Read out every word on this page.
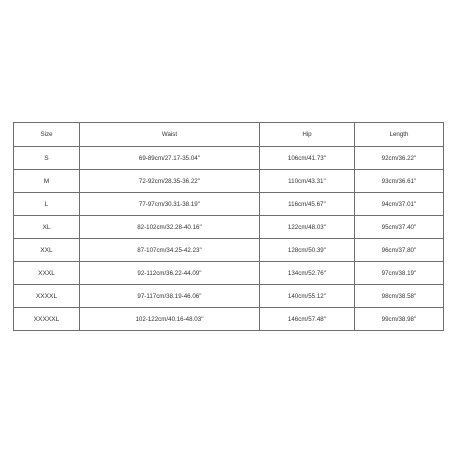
Size	Waist	Hip	Length
S	69-89cm/27.17-35.04''	106cm/41.73''	92cm/36.22''
M	72-92cm/28.35-36.22''	110cm/43.31''	93cm/36.61''
L	77-97cm/30.31-38.19''	116cm/45.67''	94cm/37.01''
XL	82-102cm/32.28-40.16''	122cm/48.03''	95cm/37.40''
XXL	87-107cm/34.25-42.23''	128cm/50.39''	96cm/37.80''
XXXL	92-112cm/36.22-44.09''	134cm/52.76''	97cm/38.19''
XXXXL	97-117cm/38.19-46.06''	140cm/55.12''	98cm/38.58''
XXXXXL	102-122cm/40.16-48.03''	146cm/57.48''	99cm/38.98''
